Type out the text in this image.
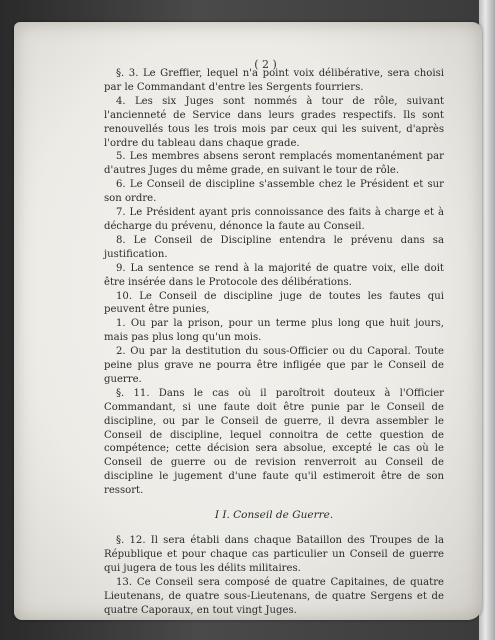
( 2 )

§. 3. Le Greffier, lequel n'a point voix délibérative, sera choisi par le Commandant d'entre les Sergents fourriers.

4. Les six Juges sont nommés à tour de rôle, suivant l'ancienneté de Service dans leurs grades respectifs. Ils sont renouvellés tous les trois mois par ceux qui les suivent, d'après l'ordre du tableau dans chaque grade.

5. Les membres absens seront remplacés momentanément par d'autres Juges du même grade, en suivant le tour de rôle.

6. Le Conseil de discipline s'assemble chez le Président et sur son ordre.

7. Le Président ayant pris connoissance des faits à charge et à décharge du prévenu, dénonce la faute au Conseil.

8. Le Conseil de Discipline entendra le prévenu dans sa justification.

9. La sentence se rend à la majorité de quatre voix, elle doit être insérée dans le Protocole des délibérations.

10. Le Conseil de discipline juge de toutes les fautes qui peuvent être punies,

1. Ou par la prison, pour un terme plus long que huit jours, mais pas plus long qu'un mois.

2. Ou par la destitution du sous-Officier ou du Caporal. Toute peine plus grave ne pourra être infligée que par le Conseil de guerre.

§. 11. Dans le cas où il paroîtroit douteux à l'Officier Commandant, si une faute doit être punie par le Conseil de discipline, ou par le Conseil de guerre, il devra assembler le Conseil de discipline, lequel connoitra de cette question de compétence; cette décision sera absolue, excepté le cas où le Conseil de guerre ou de revision renverroit au Conseil de discipline le jugement d'une faute qu'il estimeroit être de son ressort.

I I. Conseil de Guerre.

§. 12. Il sera établi dans chaque Bataillon des Troupes de la République et pour chaque cas particulier un Conseil de guerre qui jugera de tous les délits militaires.

13. Ce Conseil sera composé de quatre Capitaines, de quatre Lieutenans, de quatre sous-Lieutenans, de quatre Sergens et de quatre Caporaux, en tout vingt Juges.
